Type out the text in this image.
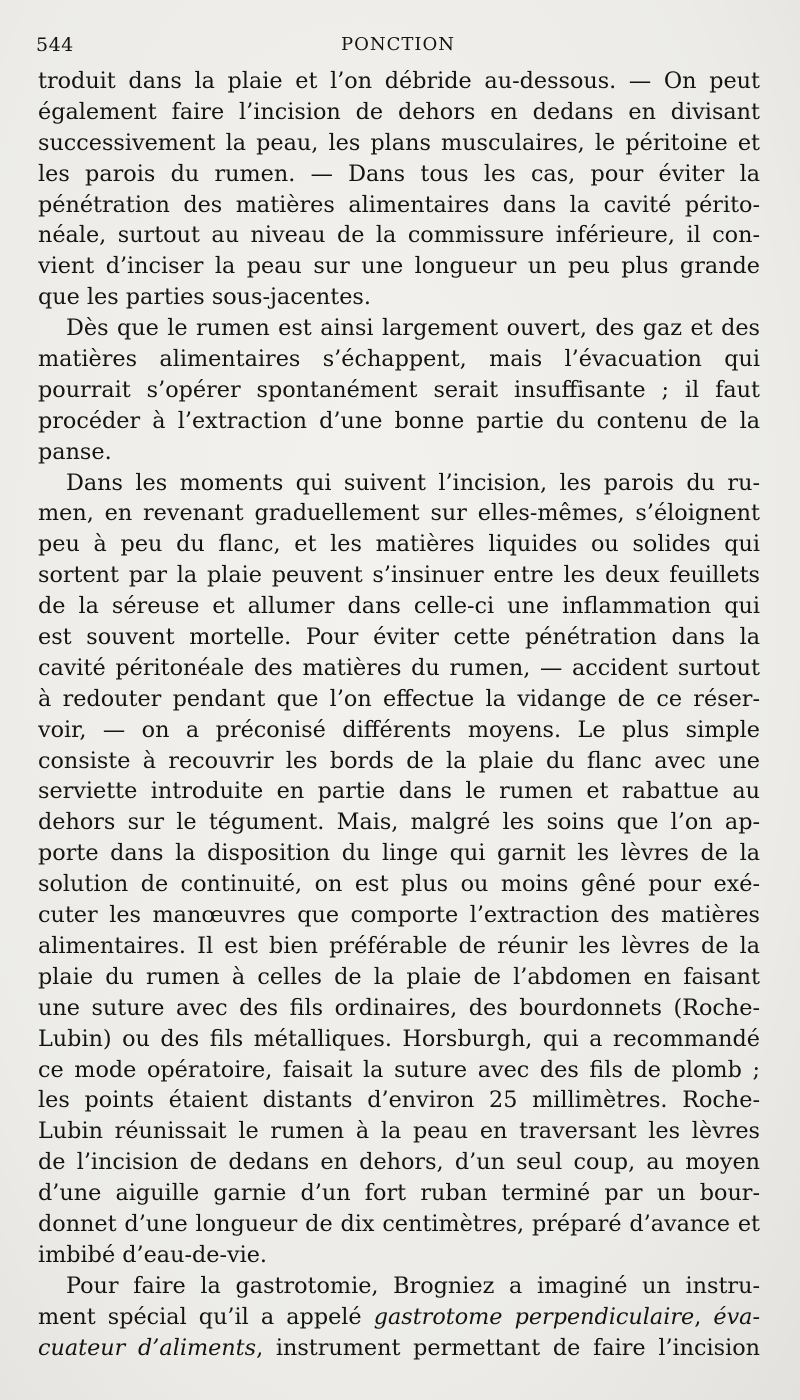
544	PONCTION
troduit dans la plaie et l’on débride au-dessous. — On peut
également faire l’incision de dehors en dedans en divisant
successivement la peau, les plans musculaires, le péritoine et
les parois du rumen. — Dans tous les cas, pour éviter la
pénétration des matières alimentaires dans la cavité périto-
néale, surtout au niveau de la commissure inférieure, il con-
vient d’inciser la peau sur une longueur un peu plus grande
que les parties sous-jacentes.
Dès que le rumen est ainsi largement ouvert, des gaz et des
matières alimentaires s’échappent, mais l’évacuation qui
pourrait s’opérer spontanément serait insuffisante ; il faut
procéder à l’extraction d’une bonne partie du contenu de la
panse.
Dans les moments qui suivent l’incision, les parois du ru-
men, en revenant graduellement sur elles-mêmes, s’éloignent
peu à peu du flanc, et les matières liquides ou solides qui
sortent par la plaie peuvent s’insinuer entre les deux feuillets
de la séreuse et allumer dans celle-ci une inflammation qui
est souvent mortelle. Pour éviter cette pénétration dans la
cavité péritonéale des matières du rumen, — accident surtout
à redouter pendant que l’on effectue la vidange de ce réser-
voir, — on a préconisé différents moyens. Le plus simple
consiste à recouvrir les bords de la plaie du flanc avec une
serviette introduite en partie dans le rumen et rabattue au
dehors sur le tégument. Mais, malgré les soins que l’on ap-
porte dans la disposition du linge qui garnit les lèvres de la
solution de continuité, on est plus ou moins gêné pour exé-
cuter les manœuvres que comporte l’extraction des matières
alimentaires. Il est bien préférable de réunir les lèvres de la
plaie du rumen à celles de la plaie de l’abdomen en faisant
une suture avec des fils ordinaires, des bourdonnets (Roche-
Lubin) ou des fils métalliques. Horsburgh, qui a recommandé
ce mode opératoire, faisait la suture avec des fils de plomb ;
les points étaient distants d’environ 25 millimètres. Roche-
Lubin réunissait le rumen à la peau en traversant les lèvres
de l’incision de dedans en dehors, d’un seul coup, au moyen
d’une aiguille garnie d’un fort ruban terminé par un bour-
donnet d’une longueur de dix centimètres, préparé d’avance et
imbibé d’eau-de-vie.
Pour faire la gastrotomie, Brogniez a imaginé un instru-
ment spécial qu’il a appelé gastrotome perpendiculaire, éva-
cuateur d’aliments, instrument permettant de faire l’incision
